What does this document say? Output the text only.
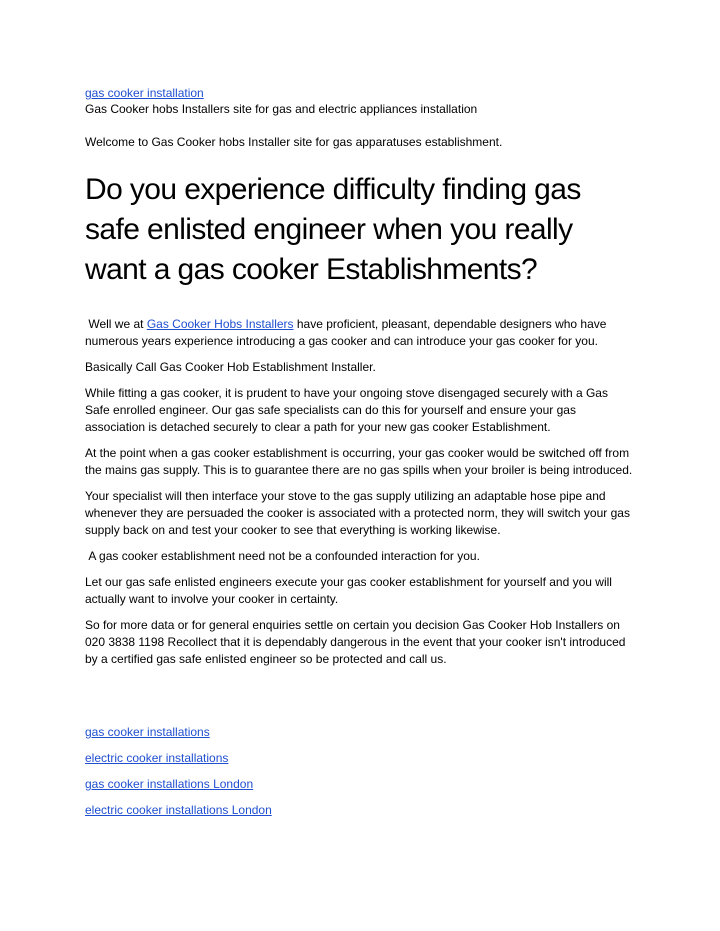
gas cooker installation

Gas Cooker hobs Installers site for gas and electric appliances installation

Welcome to Gas Cooker hobs Installer site for gas apparatuses establishment.

Do you experience difficulty finding gas safe enlisted engineer when you really want a gas cooker Establishments?

Well we at Gas Cooker Hobs Installers have proficient, pleasant, dependable designers who have numerous years experience introducing a gas cooker and can introduce your gas cooker for you.

Basically Call Gas Cooker Hob Establishment Installer.

While fitting a gas cooker, it is prudent to have your ongoing stove disengaged securely with a Gas Safe enrolled engineer. Our gas safe specialists can do this for yourself and ensure your gas association is detached securely to clear a path for your new gas cooker Establishment.

At the point when a gas cooker establishment is occurring, your gas cooker would be switched off from the mains gas supply. This is to guarantee there are no gas spills when your broiler is being introduced.

Your specialist will then interface your stove to the gas supply utilizing an adaptable hose pipe and whenever they are persuaded the cooker is associated with a protected norm, they will switch your gas supply back on and test your cooker to see that everything is working likewise.

A gas cooker establishment need not be a confounded interaction for you.

Let our gas safe enlisted engineers execute your gas cooker establishment for yourself and you will actually want to involve your cooker in certainty.

So for more data or for general enquiries settle on certain you decision Gas Cooker Hob Installers on 020 3838 1198 Recollect that it is dependably dangerous in the event that your cooker isn't introduced by a certified gas safe enlisted engineer so be protected and call us.

gas cooker installations
electric cooker installations
gas cooker installations London
electric cooker installations London
